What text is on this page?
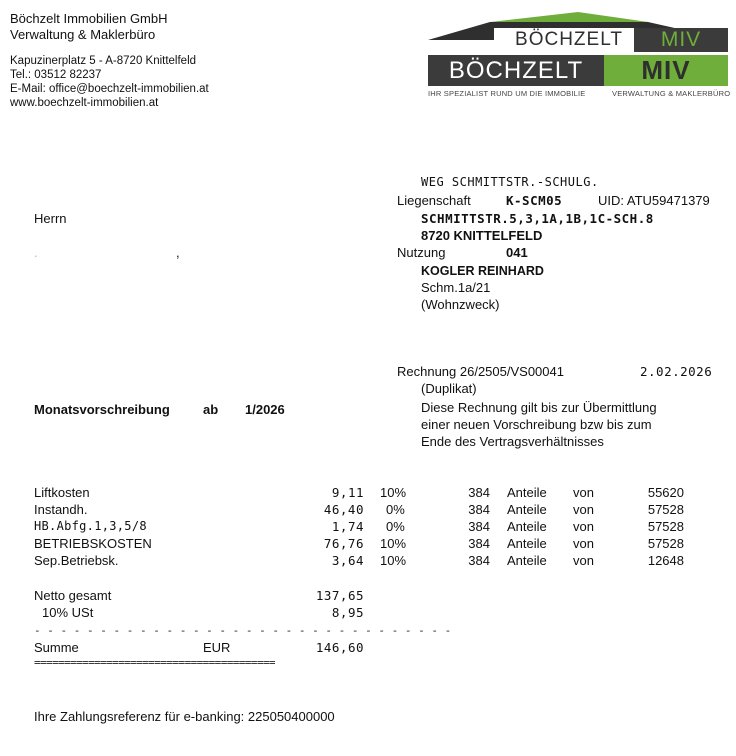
Böchzelt Immobilien GmbH
Verwaltung & Maklerbüro
Kapuzinerplatz 5 - A-8720 Knittelfeld
Tel.: 03512 82237
E-Mail: office@boechzelt-immobilien.at
www.boechzelt-immobilien.at
BÖCHZELT	MIV
BÖCHZELT	MIV
IHR SPEZIALIST RUND UM DIE IMMOBILIE	VERWALTUNG & MAKLERBÜRO
Herrn
.	,
WEG SCHMITTSTR.-SCHULG.
Liegenschaft	K-SCM05	UID: ATU59471379
SCHMITTSTR.5,3,1A,1B,1C-SCH.8
8720 KNITTELFELD
Nutzung	041
KOGLER REINHARD
Schm.1a/21
(Wohnzweck)
Rechnung 26/2505/VS00041	2.02.2026
(Duplikat)
Diese Rechnung gilt bis zur Übermittlung
einer neuen Vorschreibung bzw bis zum
Ende des Vertragsverhältnisses
Monatsvorschreibung	ab 1/2026
Liftkosten	9,11 10%	384 Anteile von	55620
Instandh.	46,40 0%	384 Anteile von	57528
HB.Abfg.1,3,5/8	1,74 0%	384 Anteile von	57528
BETRIEBSKOSTEN	76,76 10%	384 Anteile von	57528
Sep.Betriebsk.	3,64 10%	384 Anteile von	12648
Netto gesamt	137,65
10% USt	8,95
- - - - - - - - - - - - - - - - - - - - - - - - - - - - - - - -
Summe	EUR	146,60
========================================
Ihre Zahlungsreferenz für e-banking: 225050400000
